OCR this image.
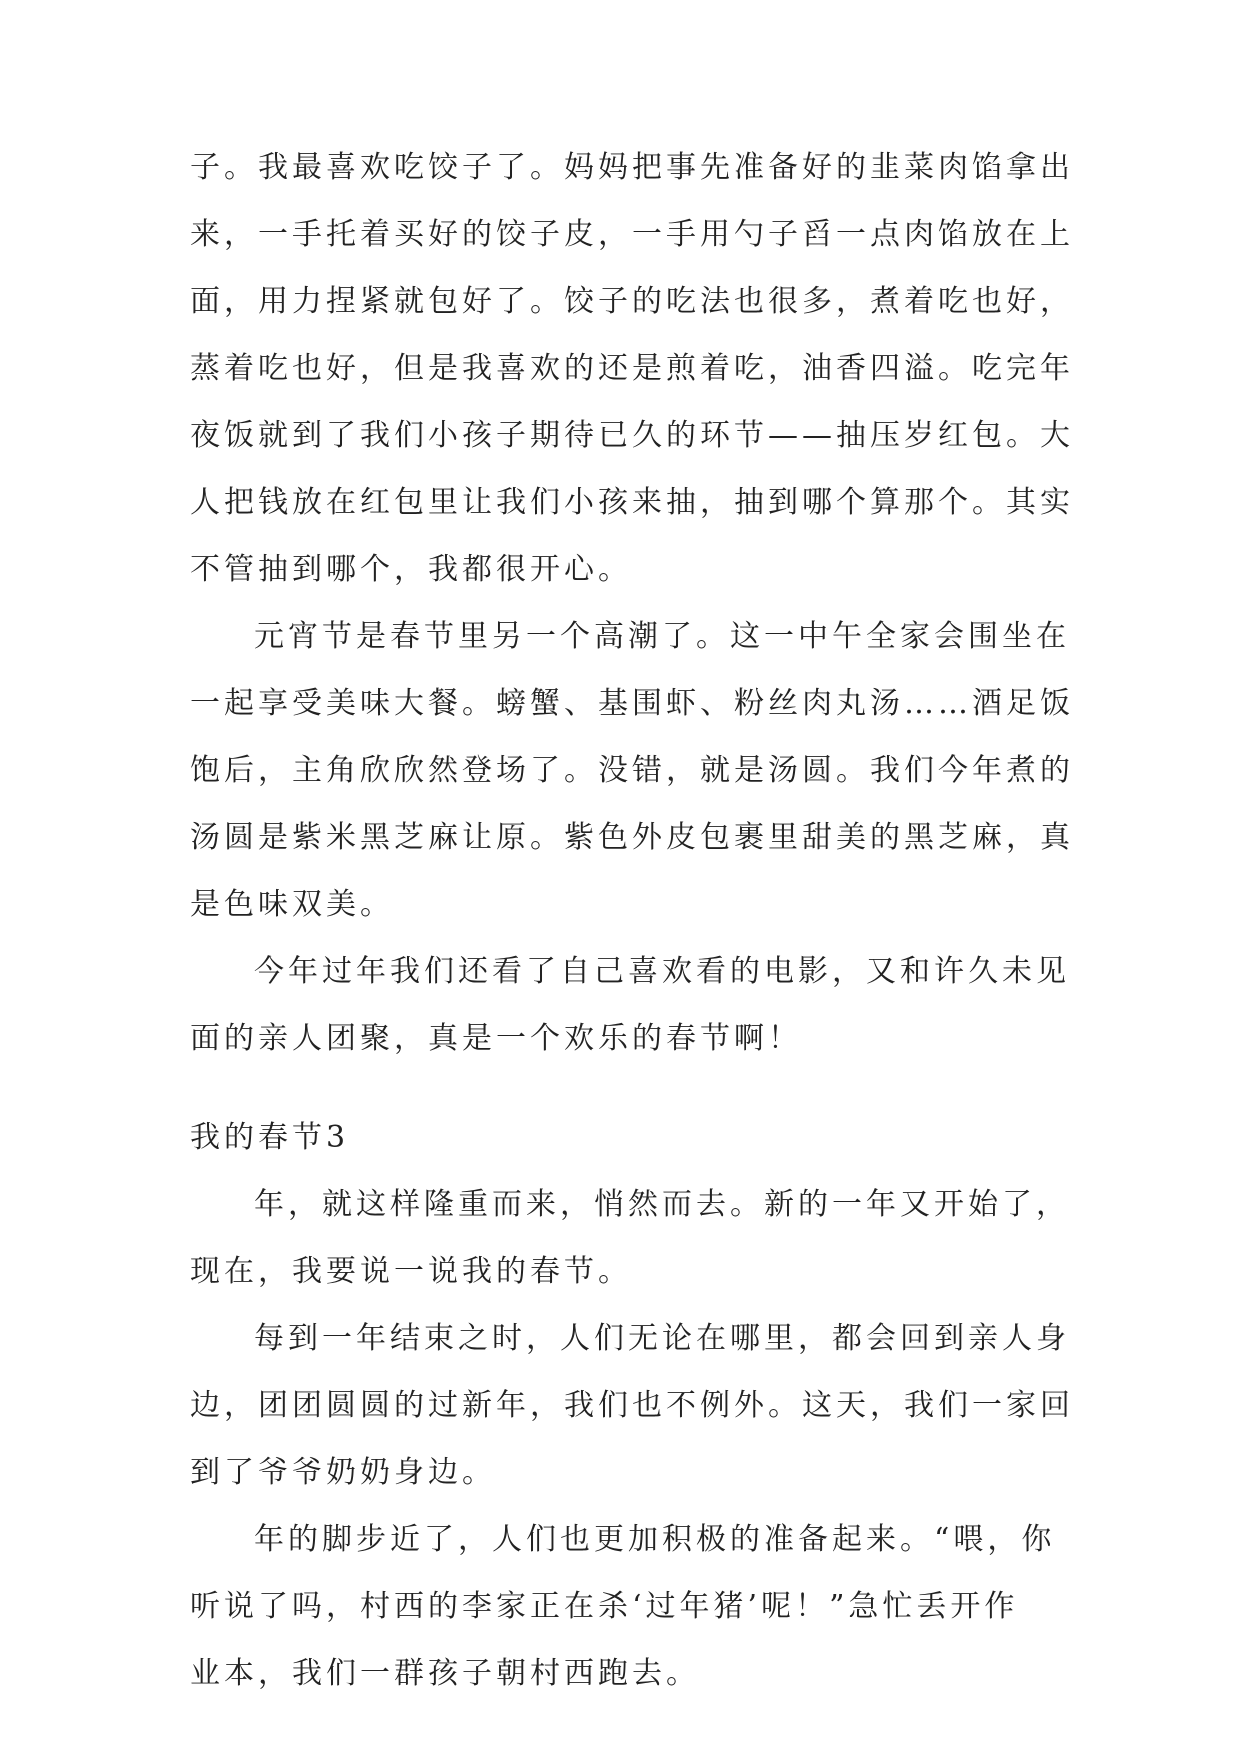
子。我最喜欢吃饺子了。妈妈把事先准备好的韭菜肉馅拿出
来，一手托着买好的饺子皮，一手用勺子舀一点肉馅放在上
面，用力捏紧就包好了。饺子的吃法也很多，煮着吃也好，
蒸着吃也好，但是我喜欢的还是煎着吃，油香四溢。吃完年
夜饭就到了我们小孩子期待已久的环节——抽压岁红包。大
人把钱放在红包里让我们小孩来抽，抽到哪个算那个。其实
不管抽到哪个，我都很开心。
元宵节是春节里另一个高潮了。这一中午全家会围坐在
一起享受美味大餐。螃蟹、基围虾、粉丝肉丸汤……酒足饭
饱后，主角欣欣然登场了。没错，就是汤圆。我们今年煮的
汤圆是紫米黑芝麻让原。紫色外皮包裹里甜美的黑芝麻，真
是色味双美。
今年过年我们还看了自己喜欢看的电影，又和许久未见
面的亲人团聚，真是一个欢乐的春节啊！
我的春节3
年，就这样隆重而来，悄然而去。新的一年又开始了，
现在，我要说一说我的春节。
每到一年结束之时，人们无论在哪里，都会回到亲人身
边，团团圆圆的过新年，我们也不例外。这天，我们一家回
到了爷爷奶奶身边。
年的脚步近了，人们也更加积极的准备起来。“喂，你
听说了吗，村西的李家正在杀‘过年猪’呢！”急忙丢开作
业本，我们一群孩子朝村西跑去。
